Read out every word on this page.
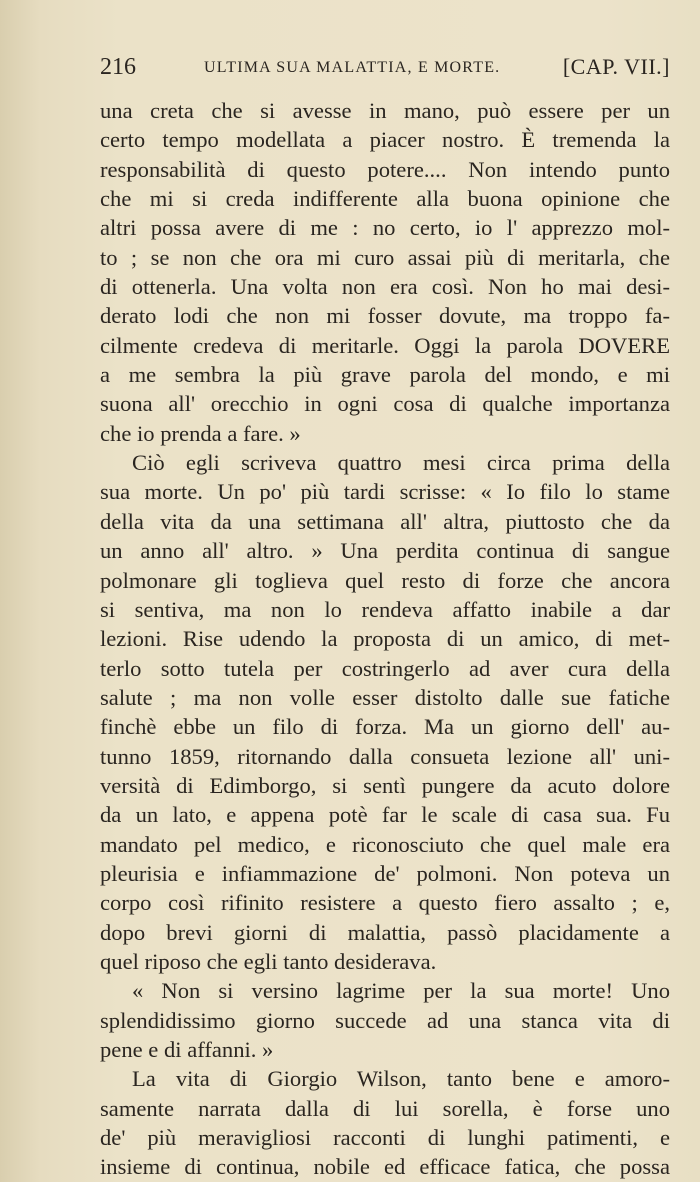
216	ULTIMA SUA MALATTIA, E MORTE.	[CAP. VII.]
una creta che si avesse in mano, può essere per un
certo tempo modellata a piacer nostro. È tremenda la
responsabilità di questo potere.... Non intendo punto
che mi si creda indifferente alla buona opinione che
altri possa avere di me : no certo, io l' apprezzo mol-
to ; se non che ora mi curo assai più di meritarla, che
di ottenerla. Una volta non era così. Non ho mai desi-
derato lodi che non mi fosser dovute, ma troppo fa-
cilmente credeva di meritarle. Oggi la parola DOVERE
a me sembra la più grave parola del mondo, e mi
suona all' orecchio in ogni cosa di qualche importanza
che io prenda a fare. »
Ciò egli scriveva quattro mesi circa prima della
sua morte. Un po' più tardi scrisse: « Io filo lo stame
della vita da una settimana all' altra, piuttosto che da
un anno all' altro. » Una perdita continua di sangue
polmonare gli toglieva quel resto di forze che ancora
si sentiva, ma non lo rendeva affatto inabile a dar
lezioni. Rise udendo la proposta di un amico, di met-
terlo sotto tutela per costringerlo ad aver cura della
salute ; ma non volle esser distolto dalle sue fatiche
finchè ebbe un filo di forza. Ma un giorno dell' au-
tunno 1859, ritornando dalla consueta lezione all' uni-
versità di Edimborgo, si sentì pungere da acuto dolore
da un lato, e appena potè far le scale di casa sua. Fu
mandato pel medico, e riconosciuto che quel male era
pleurisia e infiammazione de' polmoni. Non poteva un
corpo così rifinito resistere a questo fiero assalto ; e,
dopo brevi giorni di malattia, passò placidamente a
quel riposo che egli tanto desiderava.
« Non si versino lagrime per la sua morte! Uno
splendidissimo giorno succede ad una stanca vita di
pene e di affanni. »
La vita di Giorgio Wilson, tanto bene e amoro-
samente narrata dalla di lui sorella, è forse uno
de' più meravigliosi racconti di lunghi patimenti, e
insieme di continua, nobile ed efficace fatica, che possa
